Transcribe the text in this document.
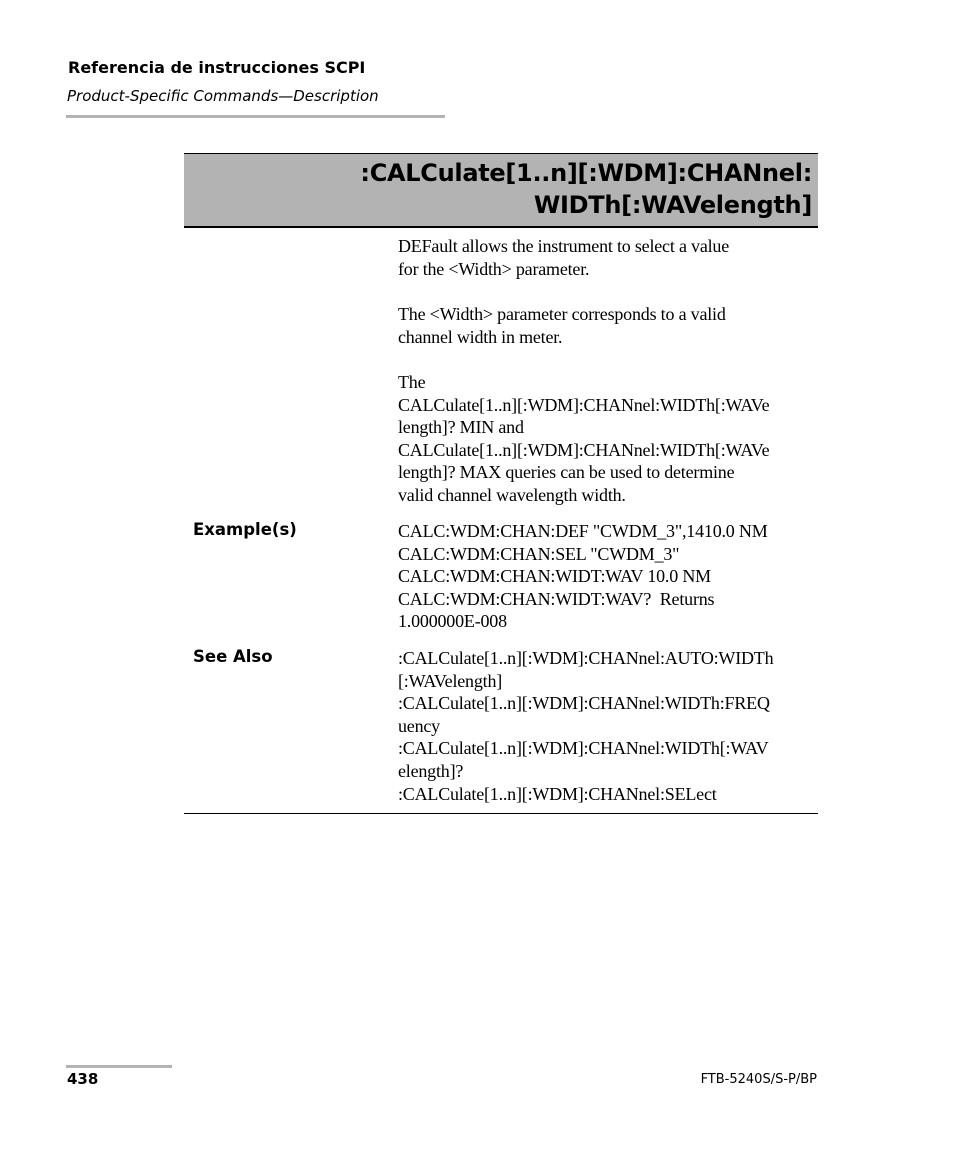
Referencia de instrucciones SCPI
Product-Specific Commands—Description
:CALCulate[1..n][:WDM]:CHANnel:
WIDTh[:WAVelength]
DEFault allows the instrument to select a value
for the <Width> parameter.
The <Width> parameter corresponds to a valid
channel width in meter.
The
CALCulate[1..n][:WDM]:CHANnel:WIDTh[:WAVe
length]? MIN and
CALCulate[1..n][:WDM]:CHANnel:WIDTh[:WAVe
length]? MAX queries can be used to determine
valid channel wavelength width.
Example(s)	CALC:WDM:CHAN:DEF "CWDM_3",1410.0 NM
CALC:WDM:CHAN:SEL "CWDM_3"
CALC:WDM:CHAN:WIDT:WAV 10.0 NM
CALC:WDM:CHAN:WIDT:WAV?  Returns
1.000000E-008
See Also	:CALCulate[1..n][:WDM]:CHANnel:AUTO:WIDTh
[:WAVelength]
:CALCulate[1..n][:WDM]:CHANnel:WIDTh:FREQ
uency
:CALCulate[1..n][:WDM]:CHANnel:WIDTh[:WAV
elength]?
:CALCulate[1..n][:WDM]:CHANnel:SELect
438	FTB-5240S/S-P/BP
